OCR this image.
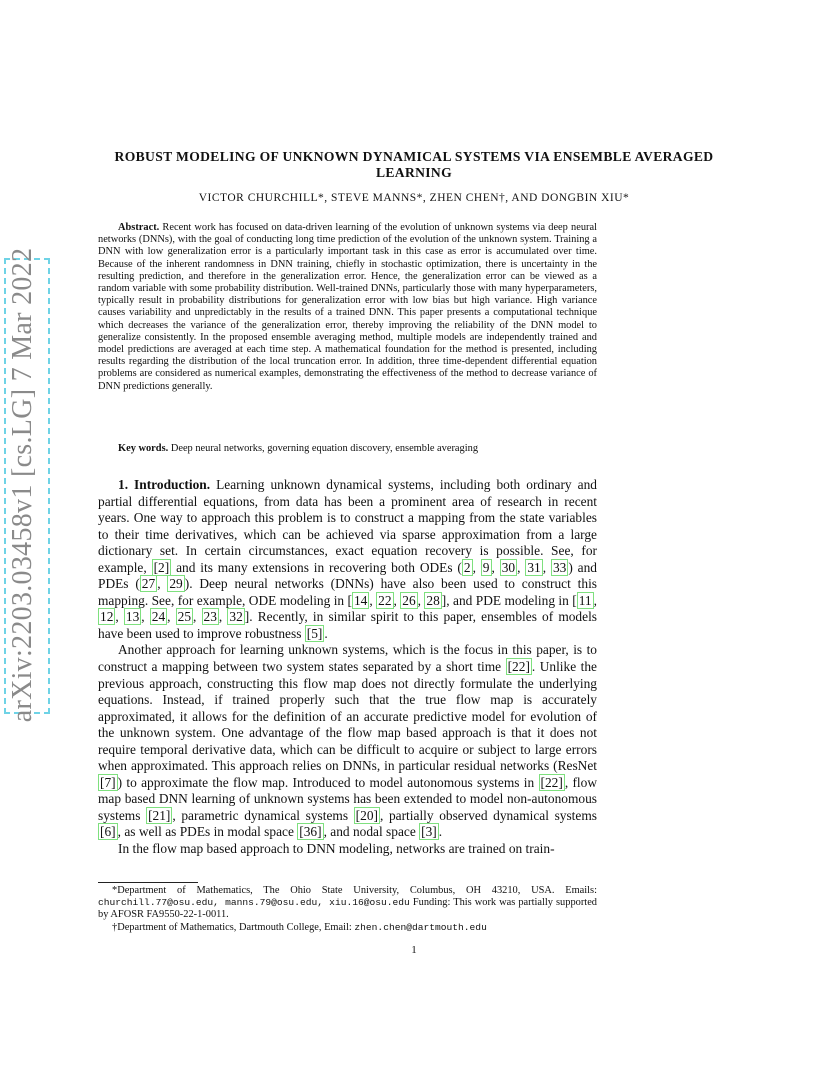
arXiv:2203.03458v1 [cs.LG] 7 Mar 2022
ROBUST MODELING OF UNKNOWN DYNAMICAL SYSTEMS VIA ENSEMBLE AVERAGED LEARNING
VICTOR CHURCHILL*, STEVE MANNS*, ZHEN CHEN†, AND DONGBIN XIU*
Abstract. Recent work has focused on data-driven learning of the evolution of unknown systems via deep neural networks (DNNs), with the goal of conducting long time prediction of the evolution of the unknown system. Training a DNN with low generalization error is a particularly important task in this case as error is accumulated over time. Because of the inherent randomness in DNN training, chiefly in stochastic optimization, there is uncertainty in the resulting prediction, and therefore in the generalization error. Hence, the generalization error can be viewed as a random variable with some probability distribution. Well-trained DNNs, particularly those with many hyperparameters, typically result in probability distributions for generalization error with low bias but high variance. High variance causes variability and unpredictably in the results of a trained DNN. This paper presents a computational technique which decreases the variance of the generalization error, thereby improving the reliability of the DNN model to generalize consistently. In the proposed ensemble averaging method, multiple models are independently trained and model predictions are averaged at each time step. A mathematical foundation for the method is presented, including results regarding the distribution of the local truncation error. In addition, three time-dependent differential equation problems are considered as numerical examples, demonstrating the effectiveness of the method to decrease variance of DNN predictions generally.
Key words. Deep neural networks, governing equation discovery, ensemble averaging

1. Introduction. Learning unknown dynamical systems, including both ordinary and partial differential equations, from data has been a prominent area of research in recent years. One way to approach this problem is to construct a mapping from the state variables to their time derivatives, which can be achieved via sparse approximation from a large dictionary set. In certain circumstances, exact equation recovery is possible. See, for example, [2] and its many extensions in recovering both ODEs ( 2 , 9 , 30 , 31 , 33 ) and PDEs ( 27 , 29 ). Deep neural networks (DNNs) have also been used to construct this mapping. See, for example, ODE modeling in [ 14 , 22 , 26 , 28 ], and PDE modeling in [ 11 , 12 , 13 , 24 , 25 , 23 , 32 ]. Recently, in similar spirit to this paper, ensembles of models have been used to improve robustness [5] .

Another approach for learning unknown systems, which is the focus in this paper, is to construct a mapping between two system states separated by a short time [22] . Unlike the previous approach, constructing this flow map does not directly formulate the underlying equations. Instead, if trained properly such that the true flow map is accurately approximated, it allows for the definition of an accurate predictive model for evolution of the unknown system. One advantage of the flow map based approach is that it does not require temporal derivative data, which can be difficult to acquire or subject to large errors when approximated. This approach relies on DNNs, in particular residual networks (ResNet [7] ) to approximate the flow map. Introduced to model autonomous systems in [22] , flow map based DNN learning of unknown systems has been extended to model non-autonomous systems [21] , parametric dynamical systems [20] , partially observed dynamical systems [6] , as well as PDEs in modal space [36] , and nodal space [3] .

In the flow map based approach to DNN modeling, networks are trained on train-

*Department of Mathematics, The Ohio State University, Columbus, OH 43210, USA. Emails: churchill.77@osu.edu, manns.79@osu.edu, xiu.16@osu.edu Funding: This work was partially supported by AFOSR FA9550-22-1-0011.

†Department of Mathematics, Dartmouth College, Email: zhen.chen@dartmouth.edu

1
